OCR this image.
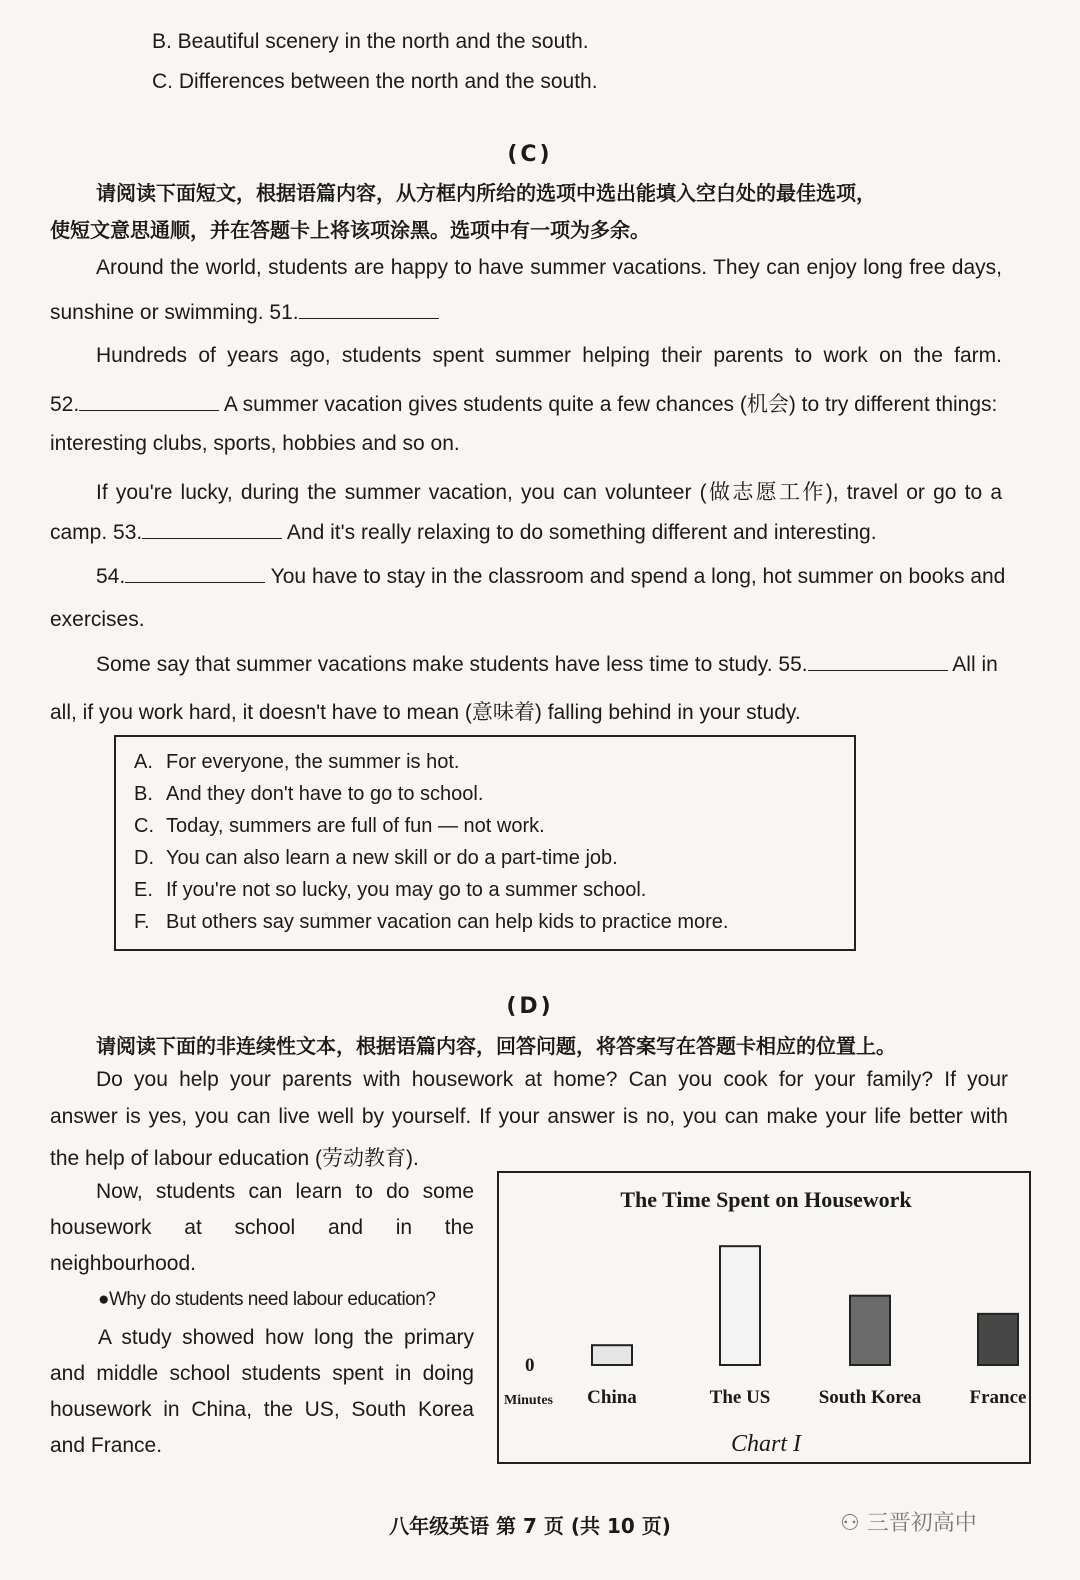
B. Beautiful scenery in the north and the south.
C. Differences between the north and the south.
(C)
请阅读下面短文，根据语篇内容，从方框内所给的选项中选出能填入空白处的最佳选项，
使短文意思通顺，并在答题卡上将该项涂黑。选项中有一项为多余。
Around the world, students are happy to have summer vacations. They can enjoy long free days,
sunshine or swimming. 51.
Hundreds of years ago, students spent summer helping their parents to work on the farm.
52.	A summer vacation gives students quite a few chances (机会) to try different things:
interesting clubs, sports, hobbies and so on.
If you're lucky, during the summer vacation, you can volunteer (做志愿工作), travel or go to a
camp. 53.	And it's really relaxing to do something different and interesting.
54.	You have to stay in the classroom and spend a long, hot summer on books and
exercises.
Some say that summer vacations make students have less time to study. 55.	All in
all, if you work hard, it doesn't have to mean (意味着) falling behind in your study.
A. For everyone, the summer is hot.
B. And they don't have to go to school.
C. Today, summers are full of fun — not work.
D. You can also learn a new skill or do a part-time job.
E. If you're not so lucky, you may go to a summer school.
F. But others say summer vacation can help kids to practice more.
(D)
请阅读下面的非连续性文本，根据语篇内容，回答问题，将答案写在答题卡相应的位置上。
Do you help your parents with housework at home? Can you cook for your family? If your
answer is yes, you can live well by yourself. If your answer is no, you can make your life better with
the help of labour education (劳动教育).
Now, students can learn to do some
housework at school and in the
neighbourhood.
●Why do students need labour education?
A study showed how long the primary
and middle school students spent in doing
housework in China, the US, South Korea
and France.
The Time Spent on Housework
China	The US	South Korea	France
0
Minutes
Chart I
八年级英语 第 7 页 (共 10 页)	⚇ 三晋初高中
